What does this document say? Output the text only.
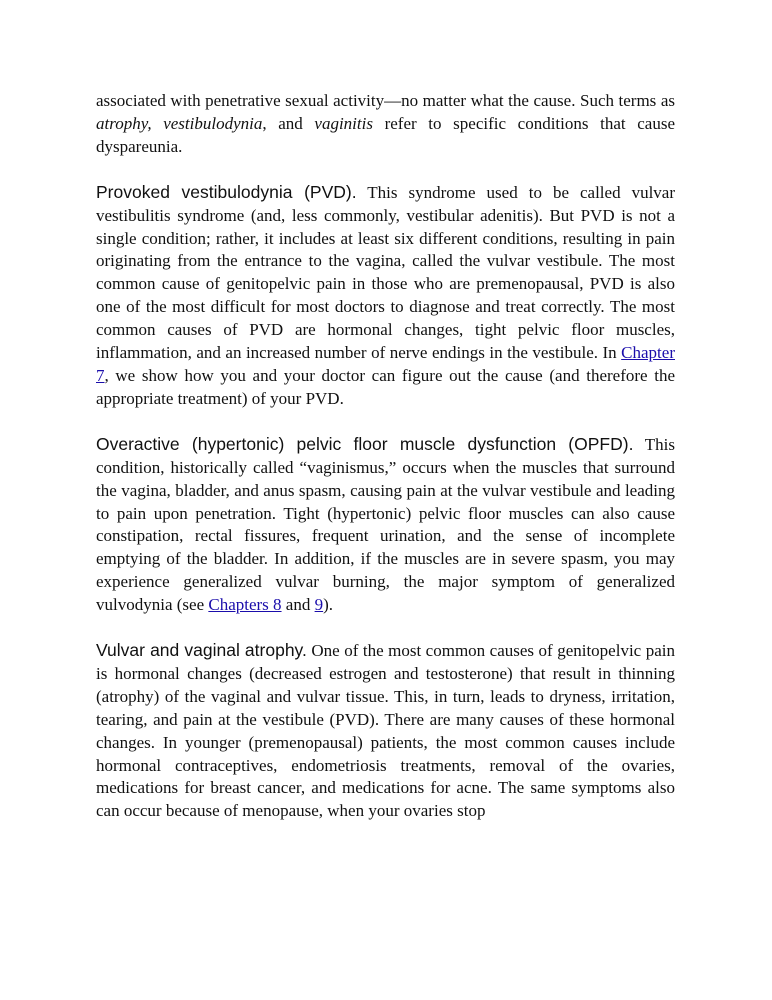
associated with penetrative sexual activity—no matter what the cause. Such terms as atrophy, vestibulodynia, and vaginitis refer to specific conditions that cause dyspareunia.

Provoked vestibulodynia (PVD). This syndrome used to be called vulvar vestibulitis syndrome (and, less commonly, vestibular adenitis). But PVD is not a single condition; rather, it includes at least six different conditions, resulting in pain originating from the entrance to the vagina, called the vulvar vestibule. The most common cause of genitopelvic pain in those who are premenopausal, PVD is also one of the most difficult for most doctors to diagnose and treat correctly. The most common causes of PVD are hormonal changes, tight pelvic floor muscles, inflammation, and an increased number of nerve endings in the vestibule. In Chapter 7, we show how you and your doctor can figure out the cause (and therefore the appropriate treatment) of your PVD.

Overactive (hypertonic) pelvic floor muscle dysfunction (OPFD). This condition, historically called “vaginismus,” occurs when the muscles that surround the vagina, bladder, and anus spasm, causing pain at the vulvar vestibule and leading to pain upon penetration. Tight (hypertonic) pelvic floor muscles can also cause constipation, rectal fissures, frequent urination, and the sense of incomplete emptying of the bladder. In addition, if the muscles are in severe spasm, you may experience generalized vulvar burning, the major symptom of generalized vulvodynia (see Chapters 8 and 9).

Vulvar and vaginal atrophy. One of the most common causes of genitopelvic pain is hormonal changes (decreased estrogen and testosterone) that result in thinning (atrophy) of the vaginal and vulvar tissue. This, in turn, leads to dryness, irritation, tearing, and pain at the vestibule (PVD). There are many causes of these hormonal changes. In younger (premenopausal) patients, the most common causes include hormonal contraceptives, endometriosis treatments, removal of the ovaries, medications for breast cancer, and medications for acne. The same symptoms also can occur because of menopause, when your ovaries stop
